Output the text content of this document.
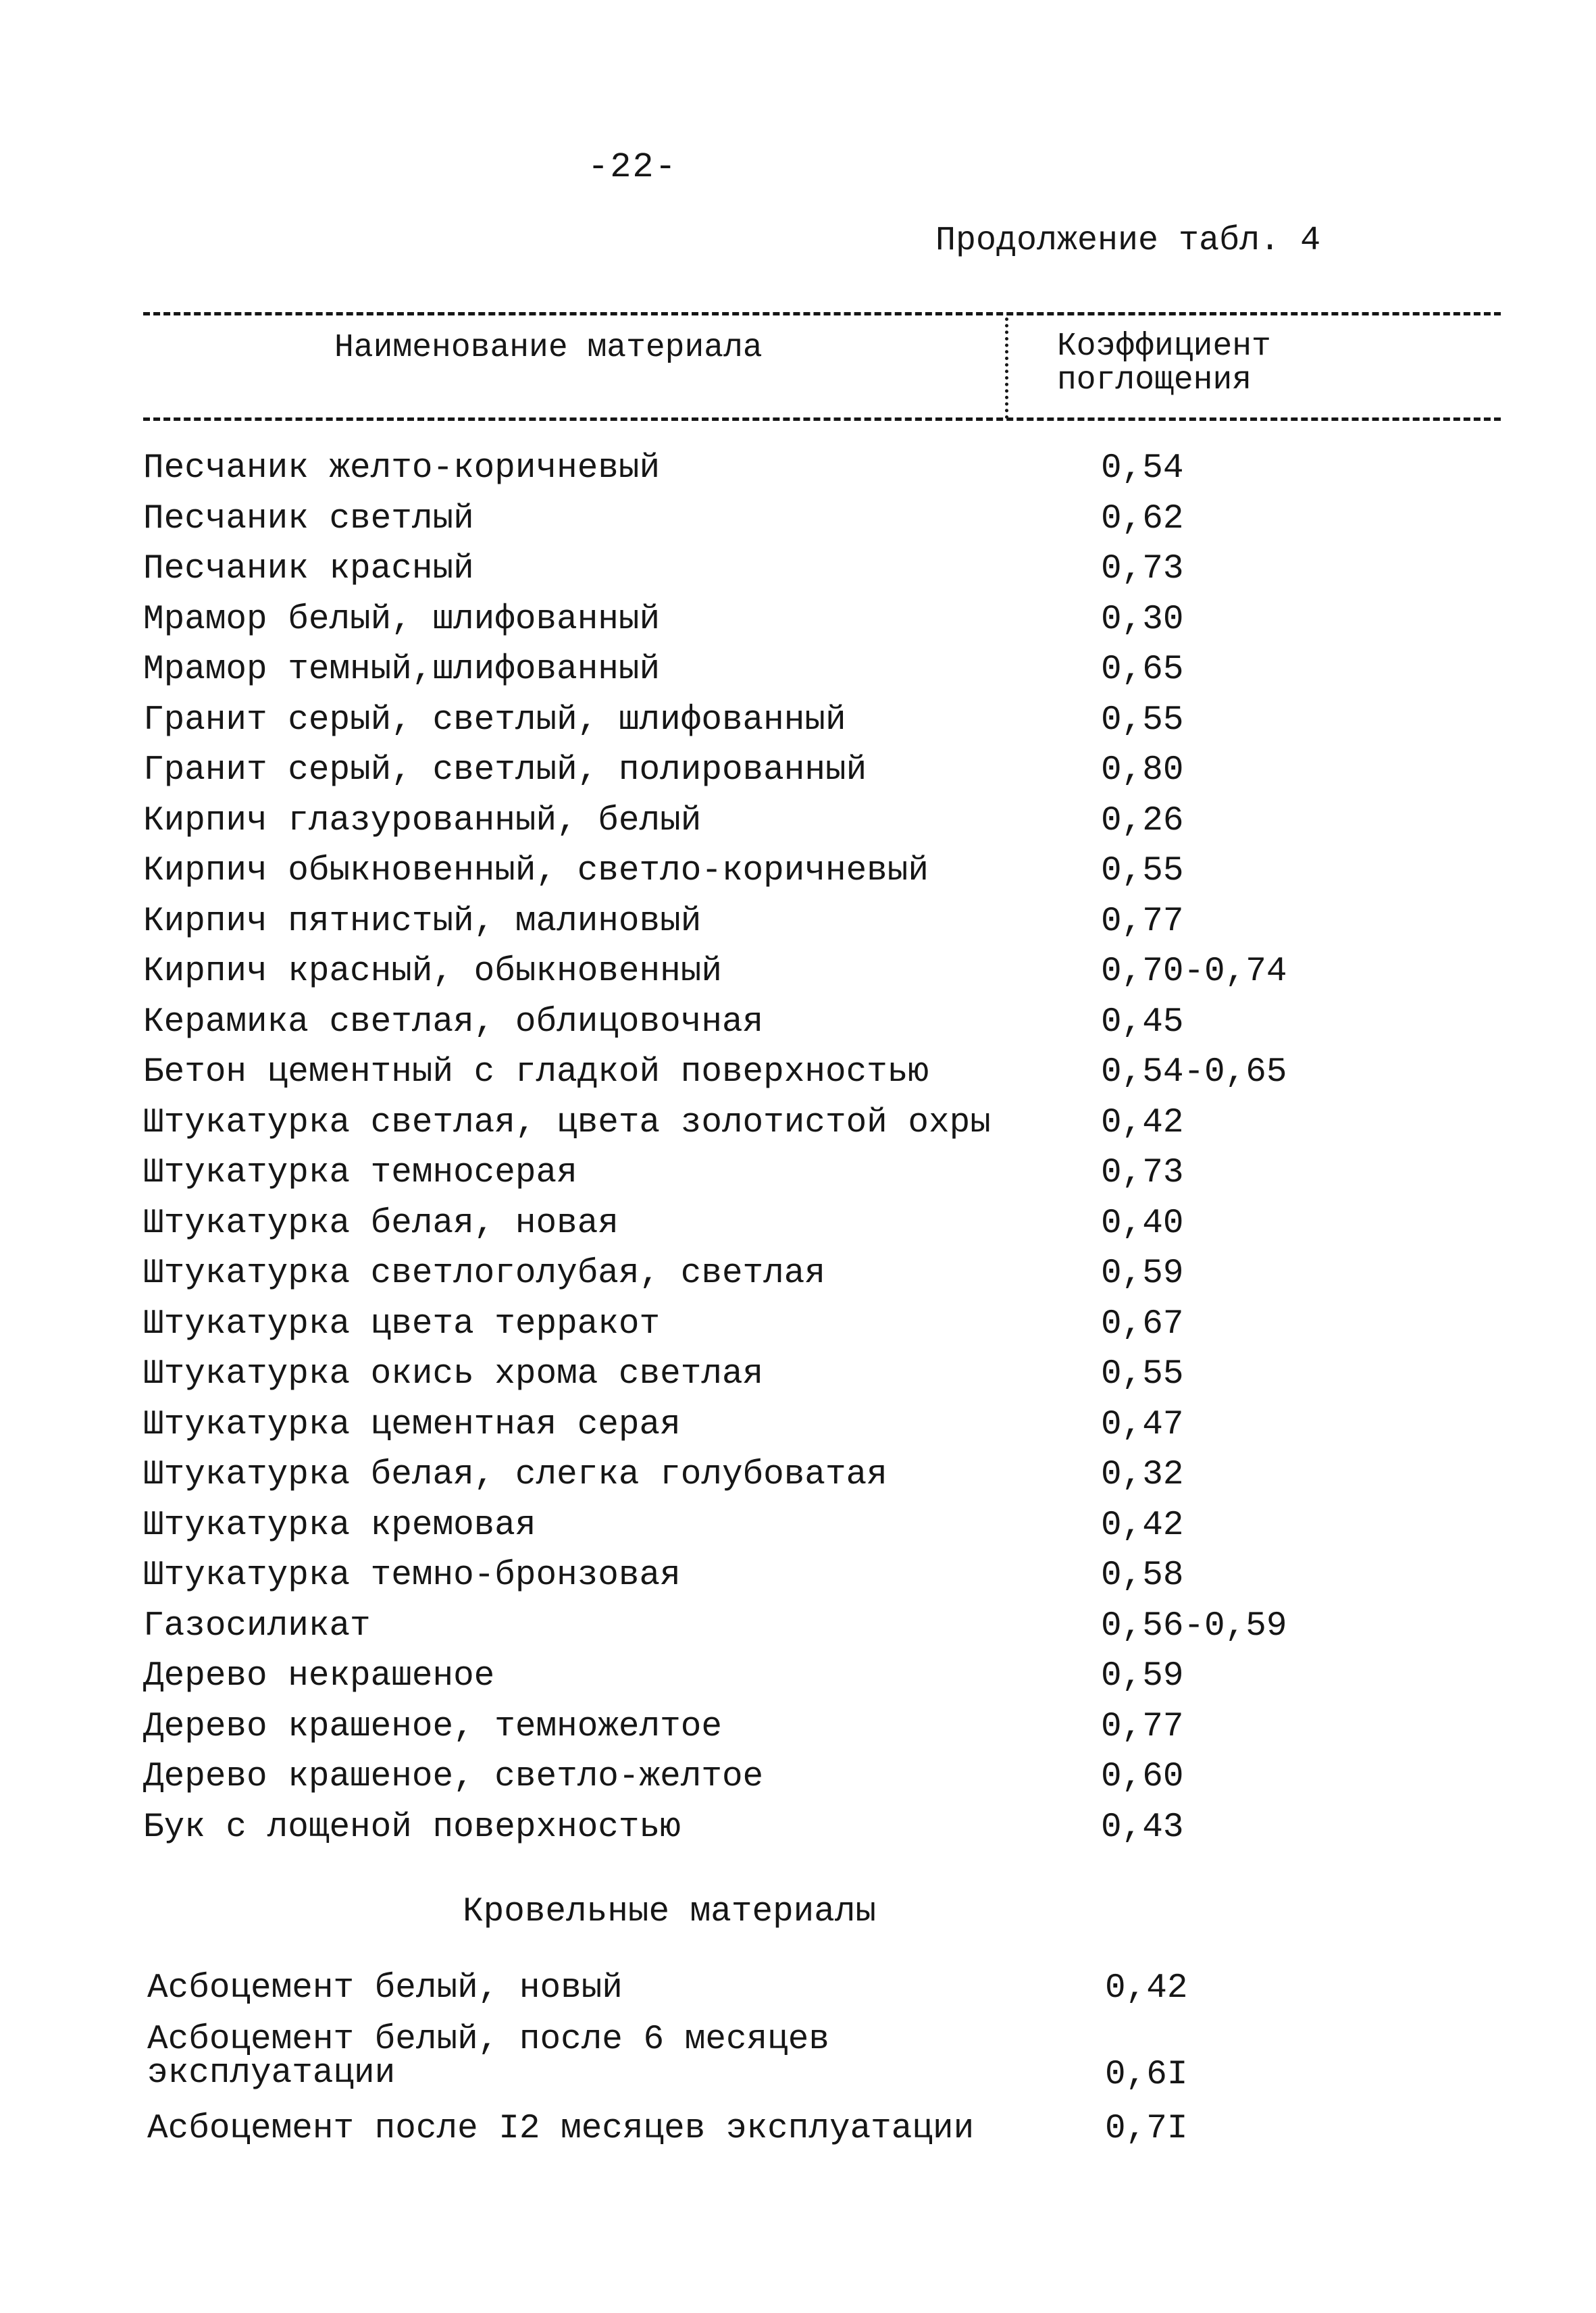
-22-
Продолжение табл. 4
Наименование материала	Коэффициент
поглощения
Песчаник желто-коричневый	0,54
Песчаник светлый	0,62
Песчаник красный	0,73
Мрамор белый, шлифованный	0,30
Мрамор темный,шлифованный	0,65
Гранит серый, светлый, шлифованный	0,55
Гранит серый, светлый, полированный	0,80
Кирпич глазурованный, белый	0,26
Кирпич обыкновенный, светло-коричневый	0,55
Кирпич пятнистый, малиновый	0,77
Кирпич красный, обыкновенный	0,70-0,74
Керамика светлая, облицовочная	0,45
Бетон цементный с гладкой поверхностью	0,54-0,65
Штукатурка светлая, цвета золотистой охры	0,42
Штукатурка темносерая	0,73
Штукатурка белая, новая	0,40
Штукатурка светлоголубая, светлая	0,59
Штукатурка цвета терракот	0,67
Штукатурка окись хрома светлая	0,55
Штукатурка цементная серая	0,47
Штукатурка белая, слегка голубоватая	0,32
Штукатурка кремовая	0,42
Штукатурка темно-бронзовая	0,58
Газосиликат	0,56-0,59
Дерево некрашеное	0,59
Дерево крашеное, темножелтое	0,77
Дерево крашеное, светло-желтое	0,60
Бук с лощеной поверхностью	0,43
Кровельные материалы
Асбоцемент белый, новый	0,42
Асбоцемент белый, после 6 месяцев
эксплуатации	0,6I
Асбоцемент после I2 месяцев эксплуатации	0,7I
